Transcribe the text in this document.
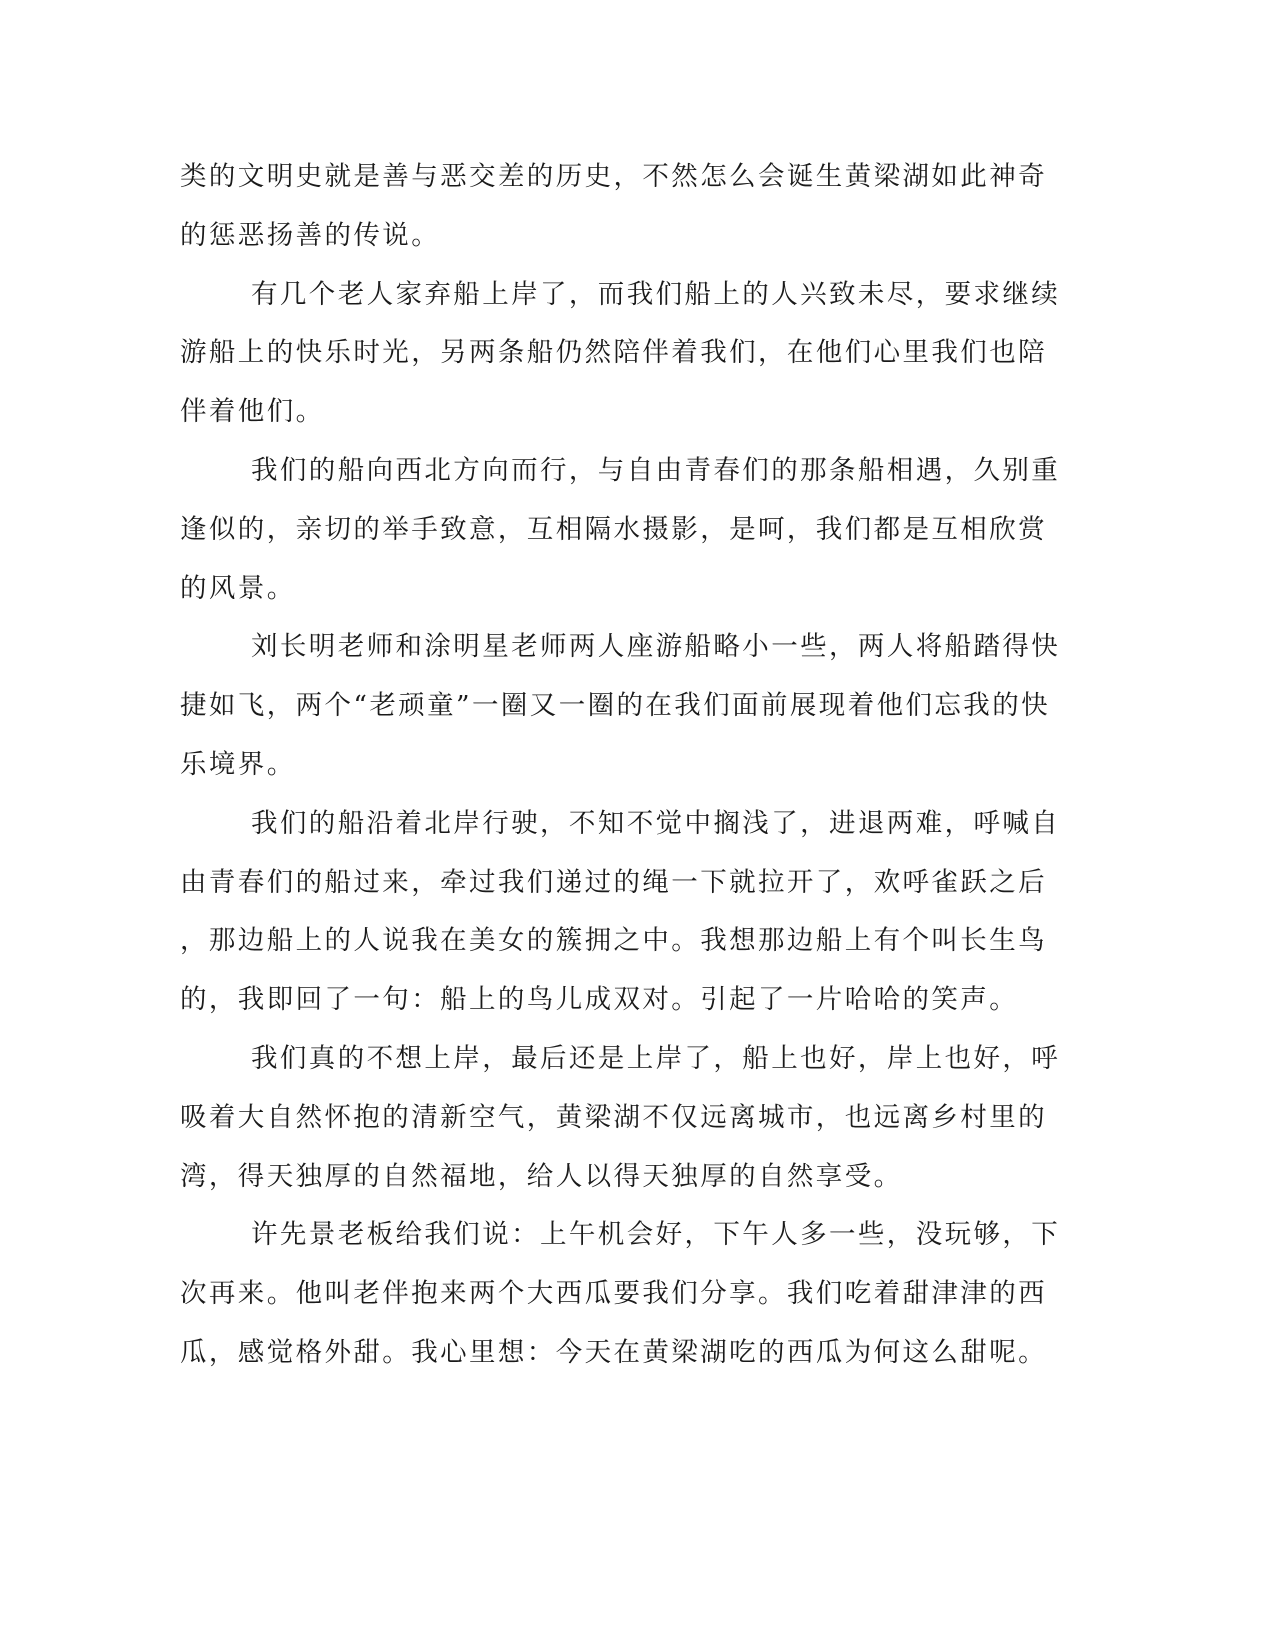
类的文明史就是善与恶交差的历史，不然怎么会诞生黄梁湖如此神奇
的惩恶扬善的传说。
有几个老人家弃船上岸了，而我们船上的人兴致未尽，要求继续
游船上的快乐时光，另两条船仍然陪伴着我们，在他们心里我们也陪
伴着他们。
我们的船向西北方向而行，与自由青春们的那条船相遇，久别重
逢似的，亲切的举手致意，互相隔水摄影，是呵，我们都是互相欣赏
的风景。
刘长明老师和涂明星老师两人座游船略小一些，两人将船踏得快
捷如飞，两个“老顽童”一圈又一圈的在我们面前展现着他们忘我的快
乐境界。
我们的船沿着北岸行驶，不知不觉中搁浅了，进退两难，呼喊自
由青春们的船过来，牵过我们递过的绳一下就拉开了，欢呼雀跃之后
，那边船上的人说我在美女的簇拥之中。我想那边船上有个叫长生鸟
的，我即回了一句：船上的鸟儿成双对。引起了一片哈哈的笑声。
我们真的不想上岸，最后还是上岸了，船上也好，岸上也好，呼
吸着大自然怀抱的清新空气，黄梁湖不仅远离城市，也远离乡村里的
湾，得天独厚的自然福地，给人以得天独厚的自然享受。
许先景老板给我们说：上午机会好，下午人多一些，没玩够，下
次再来。他叫老伴抱来两个大西瓜要我们分享。我们吃着甜津津的西
瓜，感觉格外甜。我心里想：今天在黄梁湖吃的西瓜为何这么甜呢。
